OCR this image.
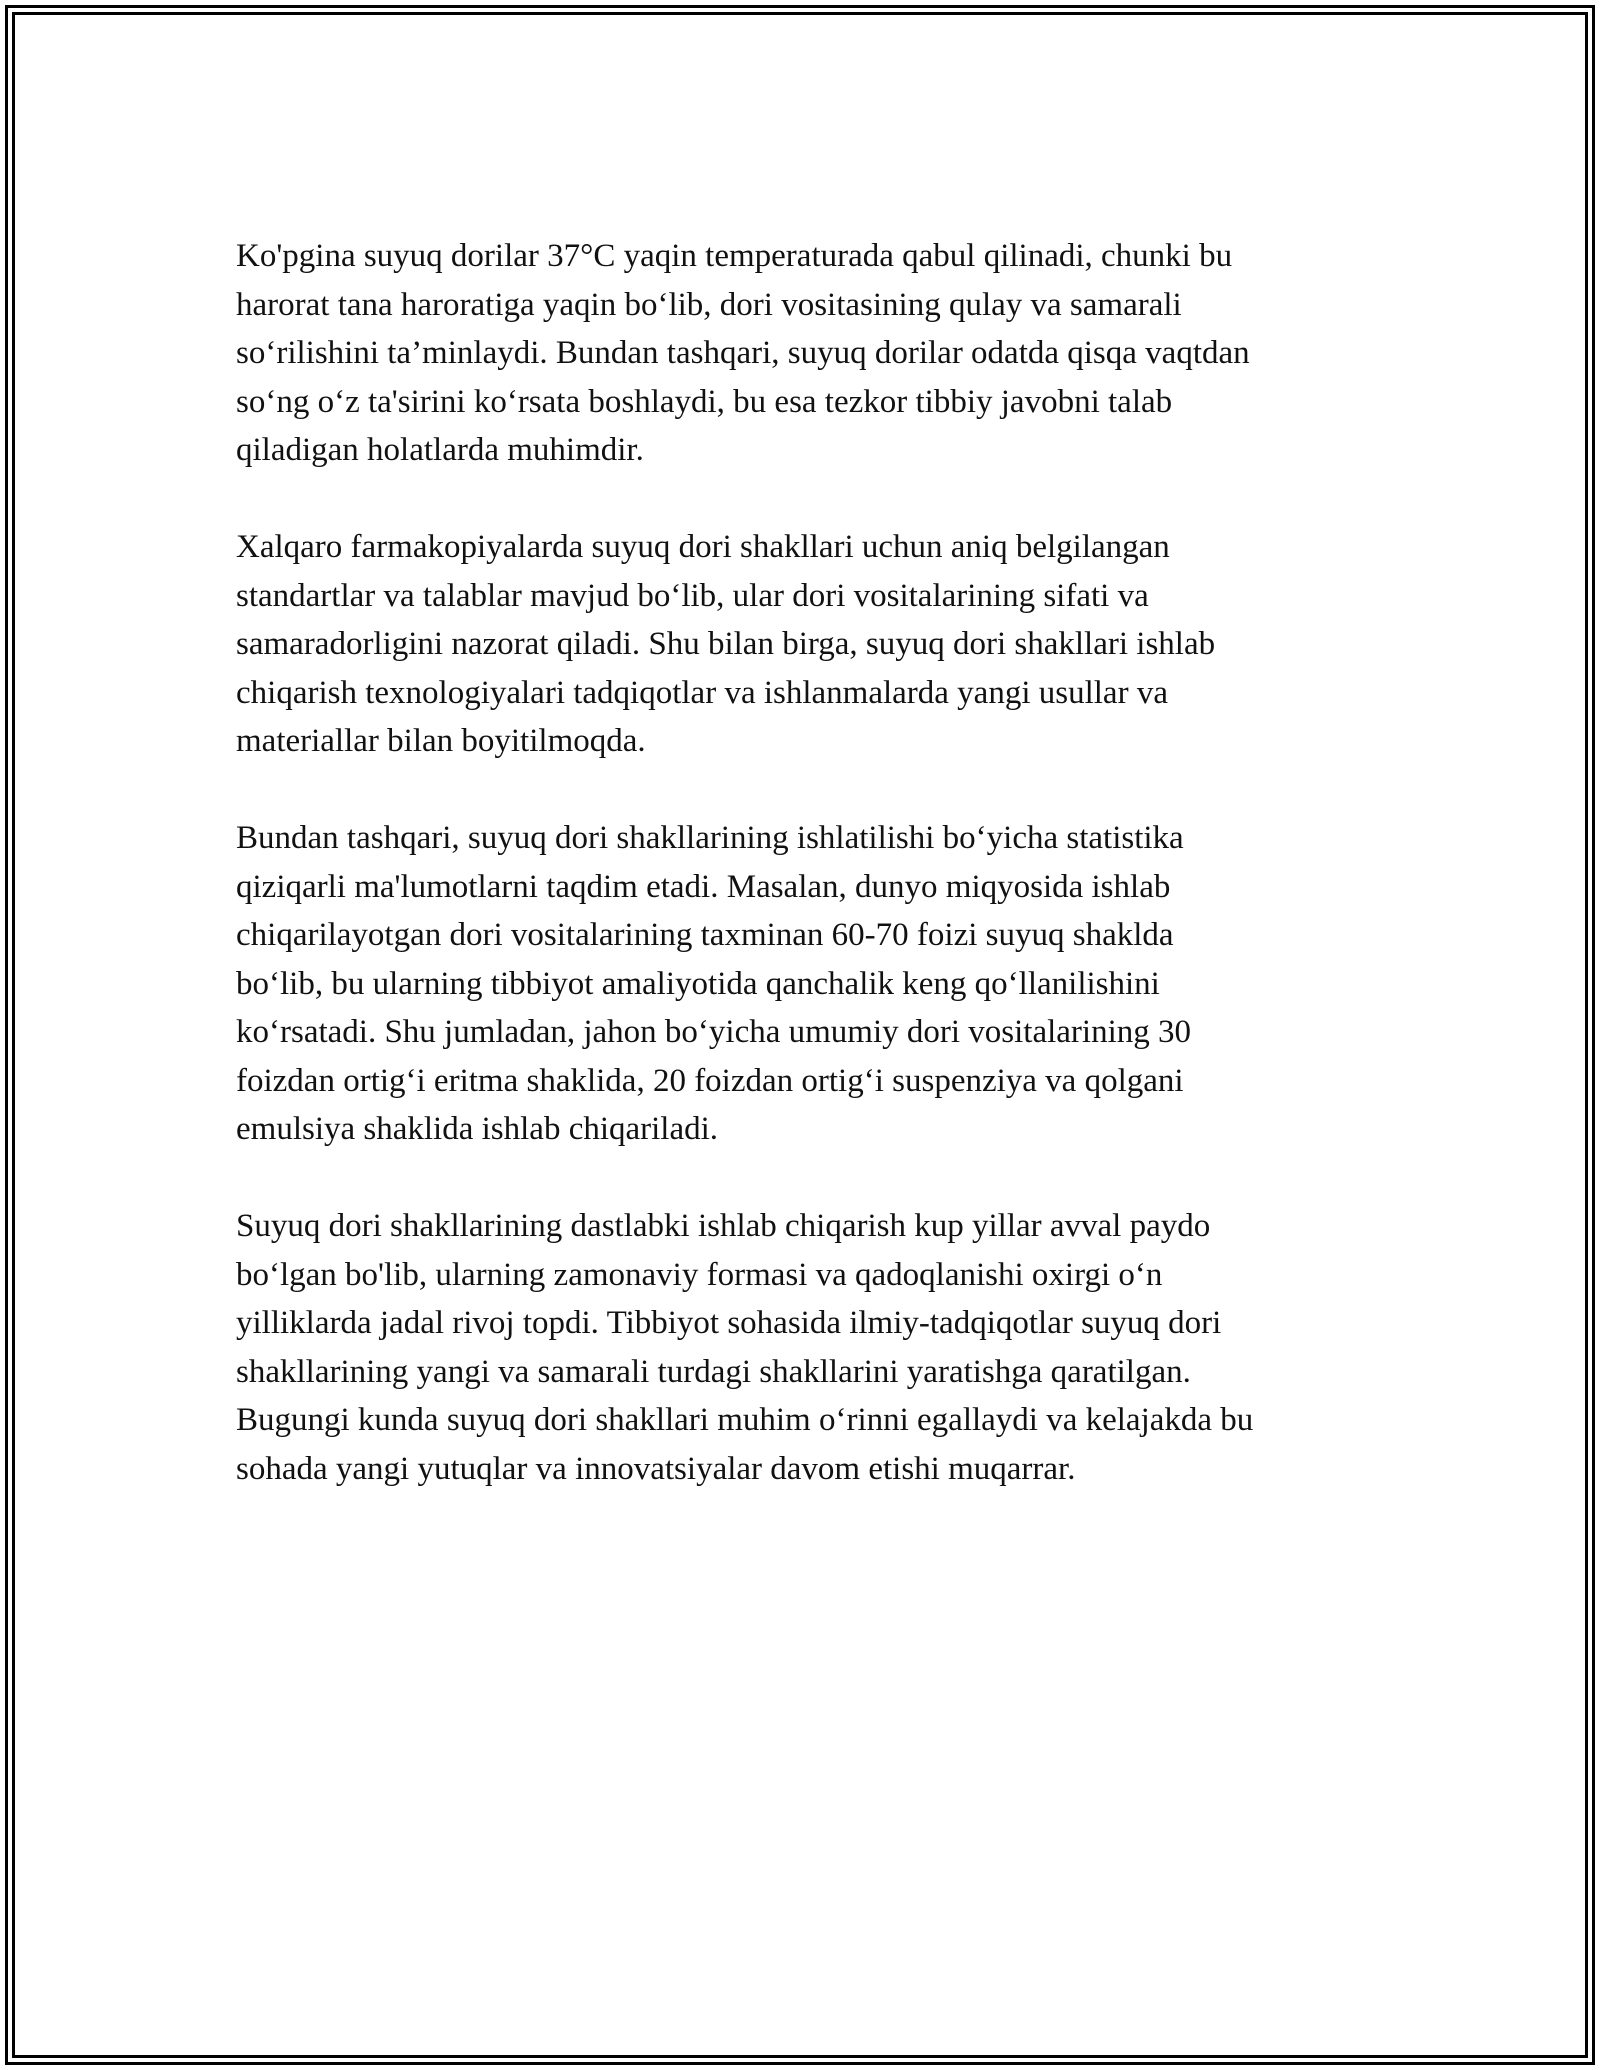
Ko'pgina suyuq dorilar 37°C yaqin temperaturada qabul qilinadi, chunki bu
harorat tana haroratiga yaqin bo‘lib, dori vositasining qulay va samarali
so‘rilishini ta’minlaydi. Bundan tashqari, suyuq dorilar odatda qisqa vaqtdan
so‘ng o‘z ta'sirini ko‘rsata boshlaydi, bu esa tezkor tibbiy javobni talab
qiladigan holatlarda muhimdir.

Xalqaro farmakopiyalarda suyuq dori shakllari uchun aniq belgilangan
standartlar va talablar mavjud bo‘lib, ular dori vositalarining sifati va
samaradorligini nazorat qiladi. Shu bilan birga, suyuq dori shakllari ishlab
chiqarish texnologiyalari tadqiqotlar va ishlanmalarda yangi usullar va
materiallar bilan boyitilmoqda.

Bundan tashqari, suyuq dori shakllarining ishlatilishi bo‘yicha statistika
qiziqarli ma'lumotlarni taqdim etadi. Masalan, dunyo miqyosida ishlab
chiqarilayotgan dori vositalarining taxminan 60-70 foizi suyuq shaklda
bo‘lib, bu ularning tibbiyot amaliyotida qanchalik keng qo‘llanilishini
ko‘rsatadi. Shu jumladan, jahon bo‘yicha umumiy dori vositalarining 30
foizdan ortig‘i eritma shaklida, 20 foizdan ortig‘i suspenziya va qolgani
emulsiya shaklida ishlab chiqariladi.

Suyuq dori shakllarining dastlabki ishlab chiqarish kup yillar avval paydo
bo‘lgan bo'lib, ularning zamonaviy formasi va qadoqlanishi oxirgi o‘n
yilliklarda jadal rivoj topdi. Tibbiyot sohasida ilmiy-tadqiqotlar suyuq dori
shakllarining yangi va samarali turdagi shakllarini yaratishga qaratilgan.
Bugungi kunda suyuq dori shakllari muhim o‘rinni egallaydi va kelajakda bu
sohada yangi yutuqlar va innovatsiyalar davom etishi muqarrar.
